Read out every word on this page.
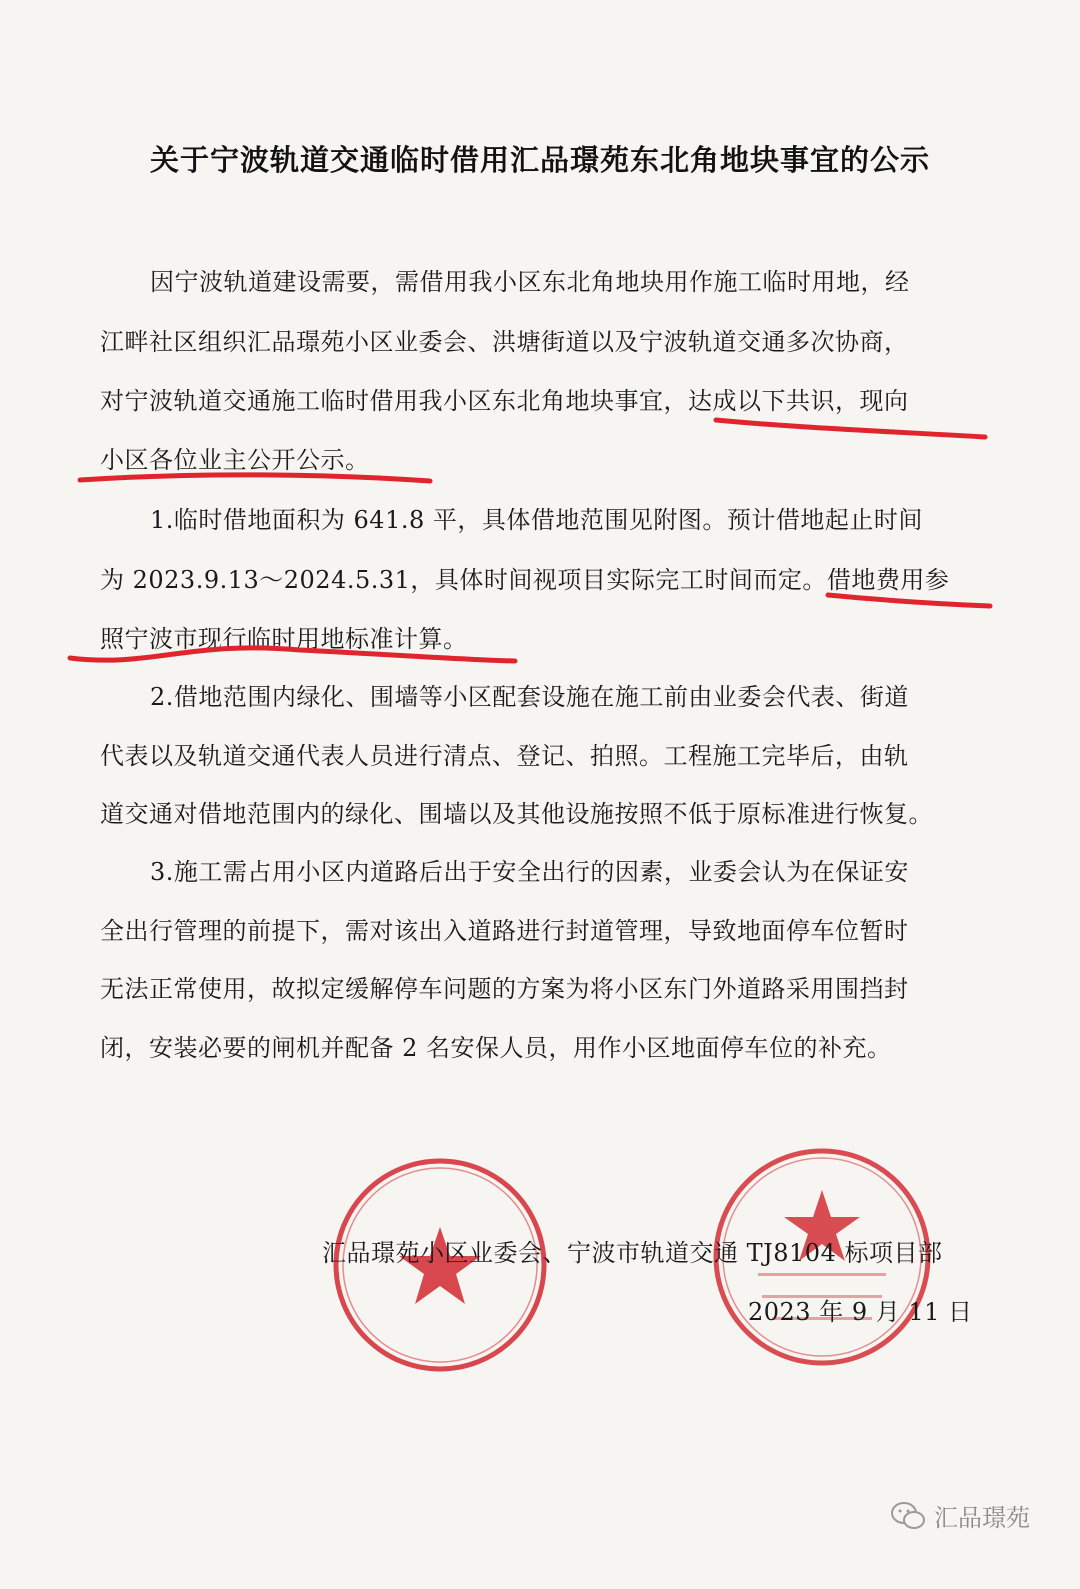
关于宁波轨道交通临时借用汇品璟苑东北角地块事宜的公示
因宁波轨道建设需要，需借用我小区东北角地块用作施工临时用地，经
江畔社区组织汇品璟苑小区业委会、洪塘街道以及宁波轨道交通多次协商，
对宁波轨道交通施工临时借用我小区东北角地块事宜，达成以下共识，现向
小区各位业主公开公示。
1.临时借地面积为 641.8 平，具体借地范围见附图。预计借地起止时间
为 2023.9.13～2024.5.31，具体时间视项目实际完工时间而定。借地费用参
照宁波市现行临时用地标准计算。
2.借地范围内绿化、围墙等小区配套设施在施工前由业委会代表、街道
代表以及轨道交通代表人员进行清点、登记、拍照。工程施工完毕后，由轨
道交通对借地范围内的绿化、围墙以及其他设施按照不低于原标准进行恢复。
3.施工需占用小区内道路后出于安全出行的因素，业委会认为在保证安
全出行管理的前提下，需对该出入道路进行封道管理，导致地面停车位暂时
无法正常使用，故拟定缓解停车问题的方案为将小区东门外道路采用围挡封
闭，安装必要的闸机并配备 2 名安保人员，用作小区地面停车位的补充。
汇品璟苑小区业委会、宁波市轨道交通 TJ8104 标项目部
2023 年 9 月 11 日
汇品璟苑
